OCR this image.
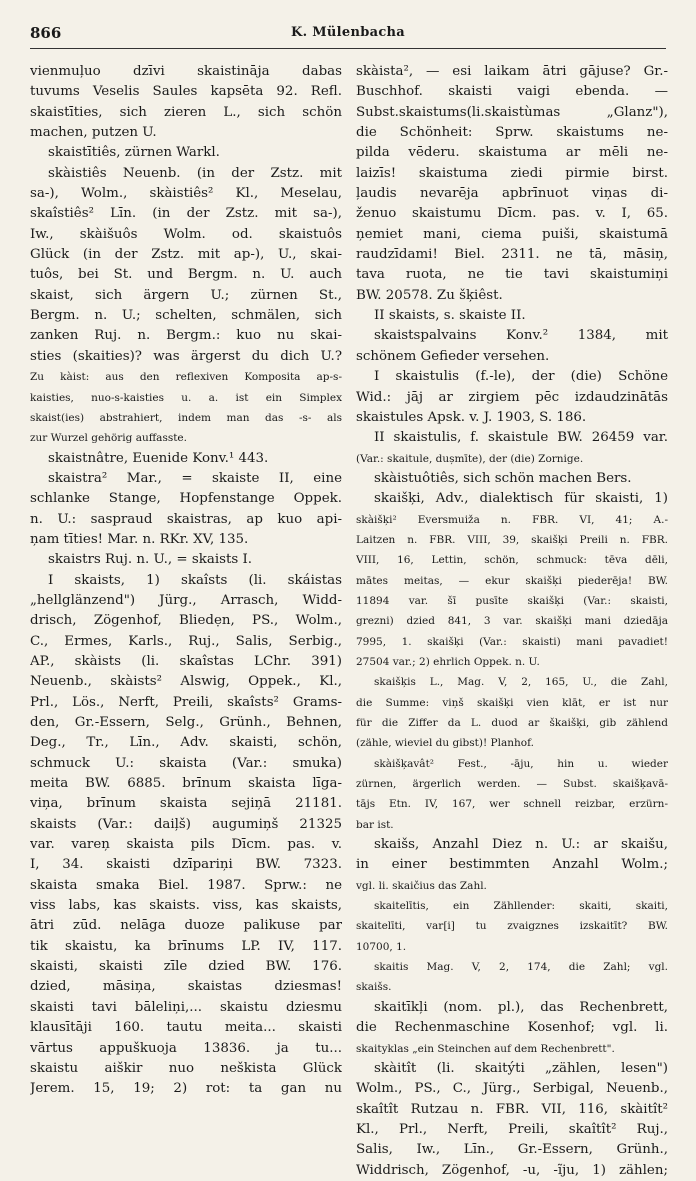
866	K. Mülenbacha
vienmuļuo dzīvi skaistināja dabas
tuvums Veselis Saules kapsēta 92. Refl.
skaistīties, sich zieren L., sich schön
machen, putzen U.
skaistītiês, zürnen Warkl.
skàistiês Neuenb. (in der Zstz. mit
sa-), Wolm., skàistiês² Kl., Meselau,
skaîstiês² Līn. (in der Zstz. mit sa-),
Iw., skàišuôs Wolm. od. skaistuôs
Glück (in der Zstz. mit ap-), U., skai-
tuôs, bei St. und Bergm. n. U. auch
skaist, sich ärgern U.; zürnen St.,
Bergm. n. U.; schelten, schmälen, sich
zanken Ruj. n. Bergm.: kuo nu skai-
sties (skaities)? was ärgerst du dich U.?
Zu kàist: aus den reflexiven Komposita ap-s-
kaisties, nuo-s-kaisties u. a. ist ein Simplex
skaist(ies) abstrahiert, indem man das -s- als
zur Wurzel gehörig auffasste.
skaistnâtre, Euenide Konv.¹ 443.
skaistra² Mar., = skaiste II, eine
schlanke Stange, Hopfenstange Oppek.
n. U.: saspraud skaistras, ap kuo api-
ņam tīties! Mar. n. RKr. XV, 135.
skaistrs Ruj. n. U., = skaists I.
I skaists, 1) skaîsts (li. skáistas
„hellglänzend") Jürg., Arrasch, Widd-
drisch, Zögenhof, Bliedẹn, PS., Wolm.,
C., Ermes, Karls., Ruj., Salis, Serbig.,
AP., skàists (li. skaîstas LChr. 391)
Neuenb., skàists² Alswig, Oppek., Kl.,
Prl., Lös., Nerft, Preili, skaîsts² Grams-
den, Gr.-Essern, Selg., Grünh., Behnen,
Deg., Tr., Līn., Adv. skaisti, schön,
schmuck U.: skaista (Var.: smuka)
meita BW. 6885. brīnum skaista līga-
viņa, brīnum skaista sejiņā 21181.
skaists (Var.: daiļš) augumiņš 21325
var. vareņ skaista pils Dīcm. pas. v.
I, 34. skaisti dzīpariņi BW. 7323.
skaista smaka Biel. 1987. Sprw.: ne
viss labs, kas skaists. viss, kas skaists,
ātri zūd. nelāga duoze palikuse par
tik skaistu, ka brīnums LP. IV, 117.
skaisti, skaisti zīle dzied BW. 176.
dzied, māsiņa, skaistas dziesmas!
skaisti tavi bāleliņi,... skaistu dziesmu
klausītāji 160. tautu meita... skaisti
vārtus appuškuoja 13836. ja tu...
skaistu aiškir nuo neškista Glück
Jerem. 15, 19; 2) rot: ta gan nu
skàista², — esi laikam ātri gājuse? Gr.-
Buschhof. skaisti vaigi ebenda. —
Subst.skaistums(li.skaistùmas „Glanz"),
die Schönheit: Sprw. skaistums ne-
pilda vēderu. skaistuma ar mēli ne-
laizīs! skaistuma ziedi pirmie birst.
ļaudis nevarēja apbrīnuot viņas di-
ženuo skaistumu Dīcm. pas. v. I, 65.
ņemiet mani, ciema puiši, skaistumā
raudzīdami! Biel. 2311. ne tā, māsiņ,
tava ruota, ne tie tavi skaistumiņi
BW. 20578. Zu šķiêst.
II skaists, s. skaiste II.
skaistspalvains Konv.² 1384, mit
schönem Gefieder versehen.
I skaistulis (f.-le), der (die) Schöne
Wid.: jāj ar zirgiem pēc izdaudzinātās
skaistules Apsk. v. J. 1903, S. 186.
II skaistulis, f. skaistule BW. 26459 var.
(Var.: skaitule, dușmīte), der (die) Zornige.
skàistuôtiês, sich schön machen Bers.
skaišķi, Adv., dialektisch für skaisti, 1)
skàišķi² Eversmuiža n. FBR. VI, 41; A.-
Laitzen n. FBR. VIII, 39, skaišķi Preili n. FBR.
VIII, 16, Lettin, schön, schmuck: tēva dēli,
mātes meitas, — ekur skaišķi piederēja! BW.
11894 var. šī pusīte skaišķi (Var.: skaisti,
grezni) dzied 841, 3 var. skaišķi mani dziedāja
7995, 1. skaišķi (Var.: skaisti) mani pavadiet!
27504 var.; 2) ehrlich Oppek. n. U.
skaišķis L., Mag. V, 2, 165, U., die Zahl,
die Summe: viņš skaišķi vien klāt, er ist nur
für die Ziffer da L. duod ar škaišķi, gib zählend
(zähle, wieviel du gibst)! Planhof.
skàišķavât² Fest., -āju, hin u. wieder
zürnen, ärgerlich werden. — Subst. skaišķavā-
tājs Etn. IV, 167, wer schnell reizbar, erzürn-
bar ist.
skaišs, Anzahl Diez n. U.: ar skaišu,
in einer bestimmten Anzahl Wolm.;
vgl. li. skaičius das Zahl.
skaitelītis, ein Zähllender: skaiti, skaiti,
skaitelīti, var[i] tu zvaigznes izskaitīt? BW.
10700, 1.
skaitis Mag. V, 2, 174, die Zahl; vgl.
skaišs.
skaitīkļi (nom. pl.), das Rechenbrett,
die Rechenmaschine Kosenhof; vgl. li.
skaityklas „ein Steinchen auf dem Rechenbrett".
skàitît (li. skaitýti „zählen, lesen")
Wolm., PS., C., Jürg., Serbigal, Neuenb.,
skaîtît Rutzau n. FBR. VII, 116, skàitît²
Kl., Prl., Nerft, Preili, skaîtît² Ruj.,
Salis, Iw., Līn., Gr.-Essern, Grünh.,
Widdrisch, Zögenhof, -u, -ĩju, 1) zählen;
